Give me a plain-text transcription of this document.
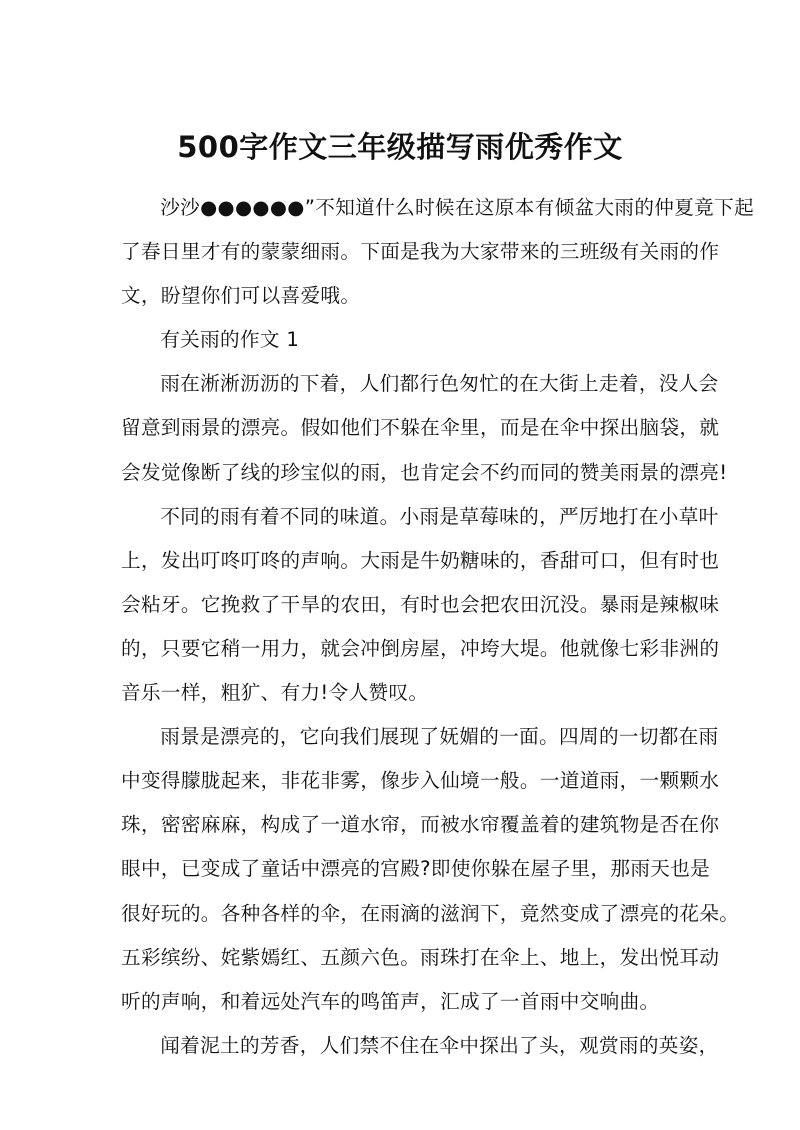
500字作文三年级描写雨优秀作文
沙沙●●●●●●”不知道什么时候在这原本有倾盆大雨的仲夏竟下起
了春日里才有的蒙蒙细雨。下面是我为大家带来的三班级有关雨的作
文，盼望你们可以喜爱哦。
有关雨的作文 1
雨在淅淅沥沥的下着，人们都行色匆忙的在大街上走着，没人会
留意到雨景的漂亮。假如他们不躲在伞里，而是在伞中探出脑袋，就
会发觉像断了线的珍宝似的雨，也肯定会不约而同的赞美雨景的漂亮!
不同的雨有着不同的味道。小雨是草莓味的，严厉地打在小草叶
上，发出叮咚叮咚的声响。大雨是牛奶糖味的，香甜可口，但有时也
会粘牙。它挽救了干旱的农田，有时也会把农田沉没。暴雨是辣椒味
的，只要它稍一用力，就会冲倒房屋，冲垮大堤。他就像七彩非洲的
音乐一样，粗犷、有力!令人赞叹。
雨景是漂亮的，它向我们展现了妩媚的一面。四周的一切都在雨
中变得朦胧起来，非花非雾，像步入仙境一般。一道道雨，一颗颗水
珠，密密麻麻，构成了一道水帘，而被水帘覆盖着的建筑物是否在你
眼中，已变成了童话中漂亮的宫殿?即使你躲在屋子里，那雨天也是
很好玩的。各种各样的伞，在雨滴的滋润下，竟然变成了漂亮的花朵。
五彩缤纷、姹紫嫣红、五颜六色。雨珠打在伞上、地上，发出悦耳动
听的声响，和着远处汽车的鸣笛声，汇成了一首雨中交响曲。
闻着泥土的芳香，人们禁不住在伞中探出了头，观赏雨的英姿，
